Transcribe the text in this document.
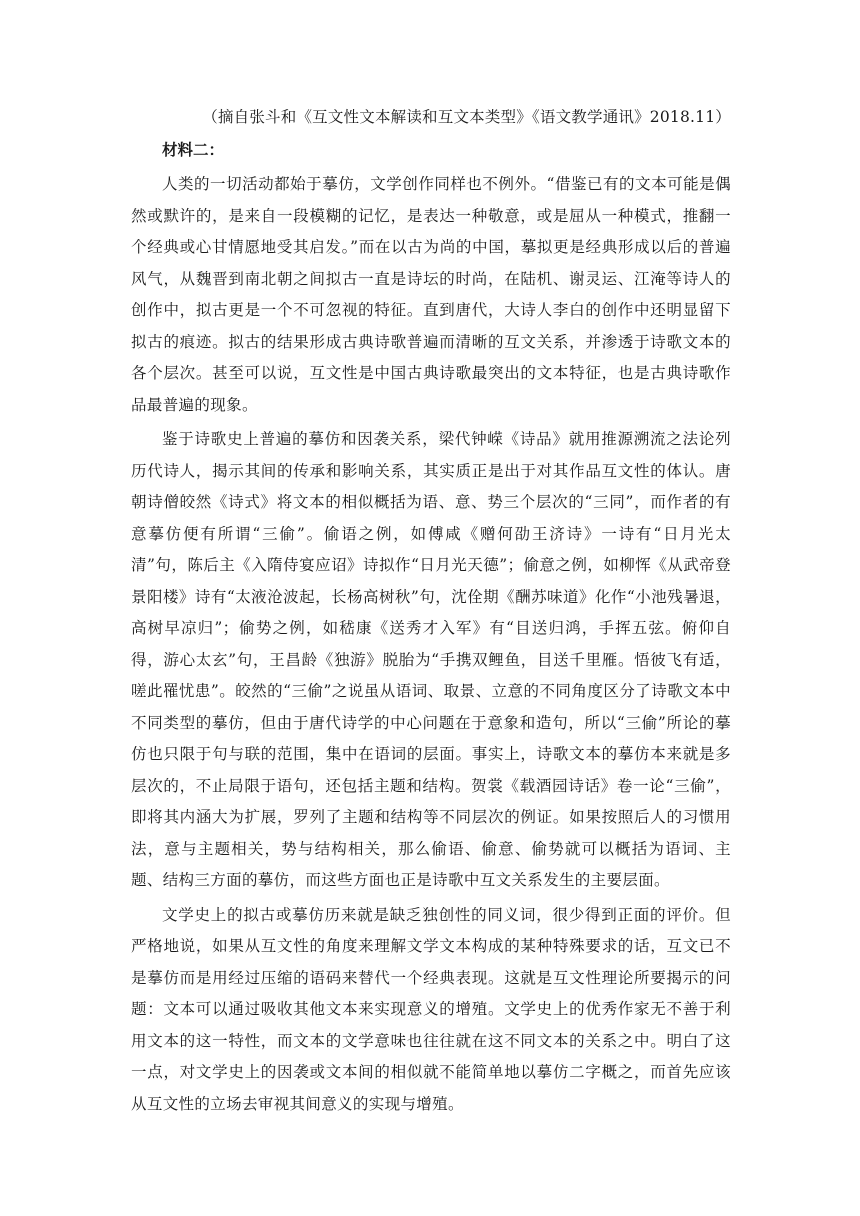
（摘自张斗和《互文性文本解读和互文本类型》《语文教学通讯》2018.11）
材料二：

人类的一切活动都始于摹仿，文学创作同样也不例外。“借鉴已有的文本可能是偶然或默许的，是来自一段模糊的记忆，是表达一种敬意，或是屈从一种模式，推翻一个经典或心甘情愿地受其启发。”而在以古为尚的中国，摹拟更是经典形成以后的普遍风气，从魏晋到南北朝之间拟古一直是诗坛的时尚，在陆机、谢灵运、江淹等诗人的创作中，拟古更是一个不可忽视的特征。直到唐代，大诗人李白的创作中还明显留下拟古的痕迹。拟古的结果形成古典诗歌普遍而清晰的互文关系，并渗透于诗歌文本的各个层次。甚至可以说，互文性是中国古典诗歌最突出的文本特征，也是古典诗歌作品最普遍的现象。

鉴于诗歌史上普遍的摹仿和因袭关系，梁代钟嵘《诗品》就用推源溯流之法论列历代诗人，揭示其间的传承和影响关系，其实质正是出于对其作品互文性的体认。唐朝诗僧皎然《诗式》将文本的相似概括为语、意、势三个层次的“三同”，而作者的有意摹仿便有所谓“三偷”。偷语之例，如傅咸《赠何劭王济诗》一诗有“日月光太清”句，陈后主《入隋侍宴应诏》诗拟作“日月光天德”；偷意之例，如柳恽《从武帝登景阳楼》诗有“太液沧波起，长杨高树秋”句，沈佺期《酬苏味道》化作“小池残暑退，高树早凉归”；偷势之例，如嵇康《送秀才入军》有“目送归鸿，手挥五弦。俯仰自得，游心太玄”句，王昌龄《独游》脱胎为“手携双鲤鱼，目送千里雁。悟彼飞有适，嗟此罹忧患”。皎然的“三偷”之说虽从语词、取景、立意的不同角度区分了诗歌文本中不同类型的摹仿，但由于唐代诗学的中心问题在于意象和造句，所以“三偷”所论的摹仿也只限于句与联的范围，集中在语词的层面。事实上，诗歌文本的摹仿本来就是多层次的，不止局限于语句，还包括主题和结构。贺裳《载酒园诗话》卷一论“三偷”，即将其内涵大为扩展，罗列了主题和结构等不同层次的例证。如果按照后人的习惯用法，意与主题相关，势与结构相关，那么偷语、偷意、偷势就可以概括为语词、主题、结构三方面的摹仿，而这些方面也正是诗歌中互文关系发生的主要层面。

文学史上的拟古或摹仿历来就是缺乏独创性的同义词，很少得到正面的评价。但严格地说，如果从互文性的角度来理解文学文本构成的某种特殊要求的话，互文已不是摹仿而是用经过压缩的语码来替代一个经典表现。这就是互文性理论所要揭示的问题：文本可以通过吸收其他文本来实现意义的增殖。文学史上的优秀作家无不善于利用文本的这一特性，而文本的文学意味也往往就在这不同文本的关系之中。明白了这一点，对文学史上的因袭或文本间的相似就不能简单地以摹仿二字概之，而首先应该从互文性的立场去审视其间意义的实现与增殖。
